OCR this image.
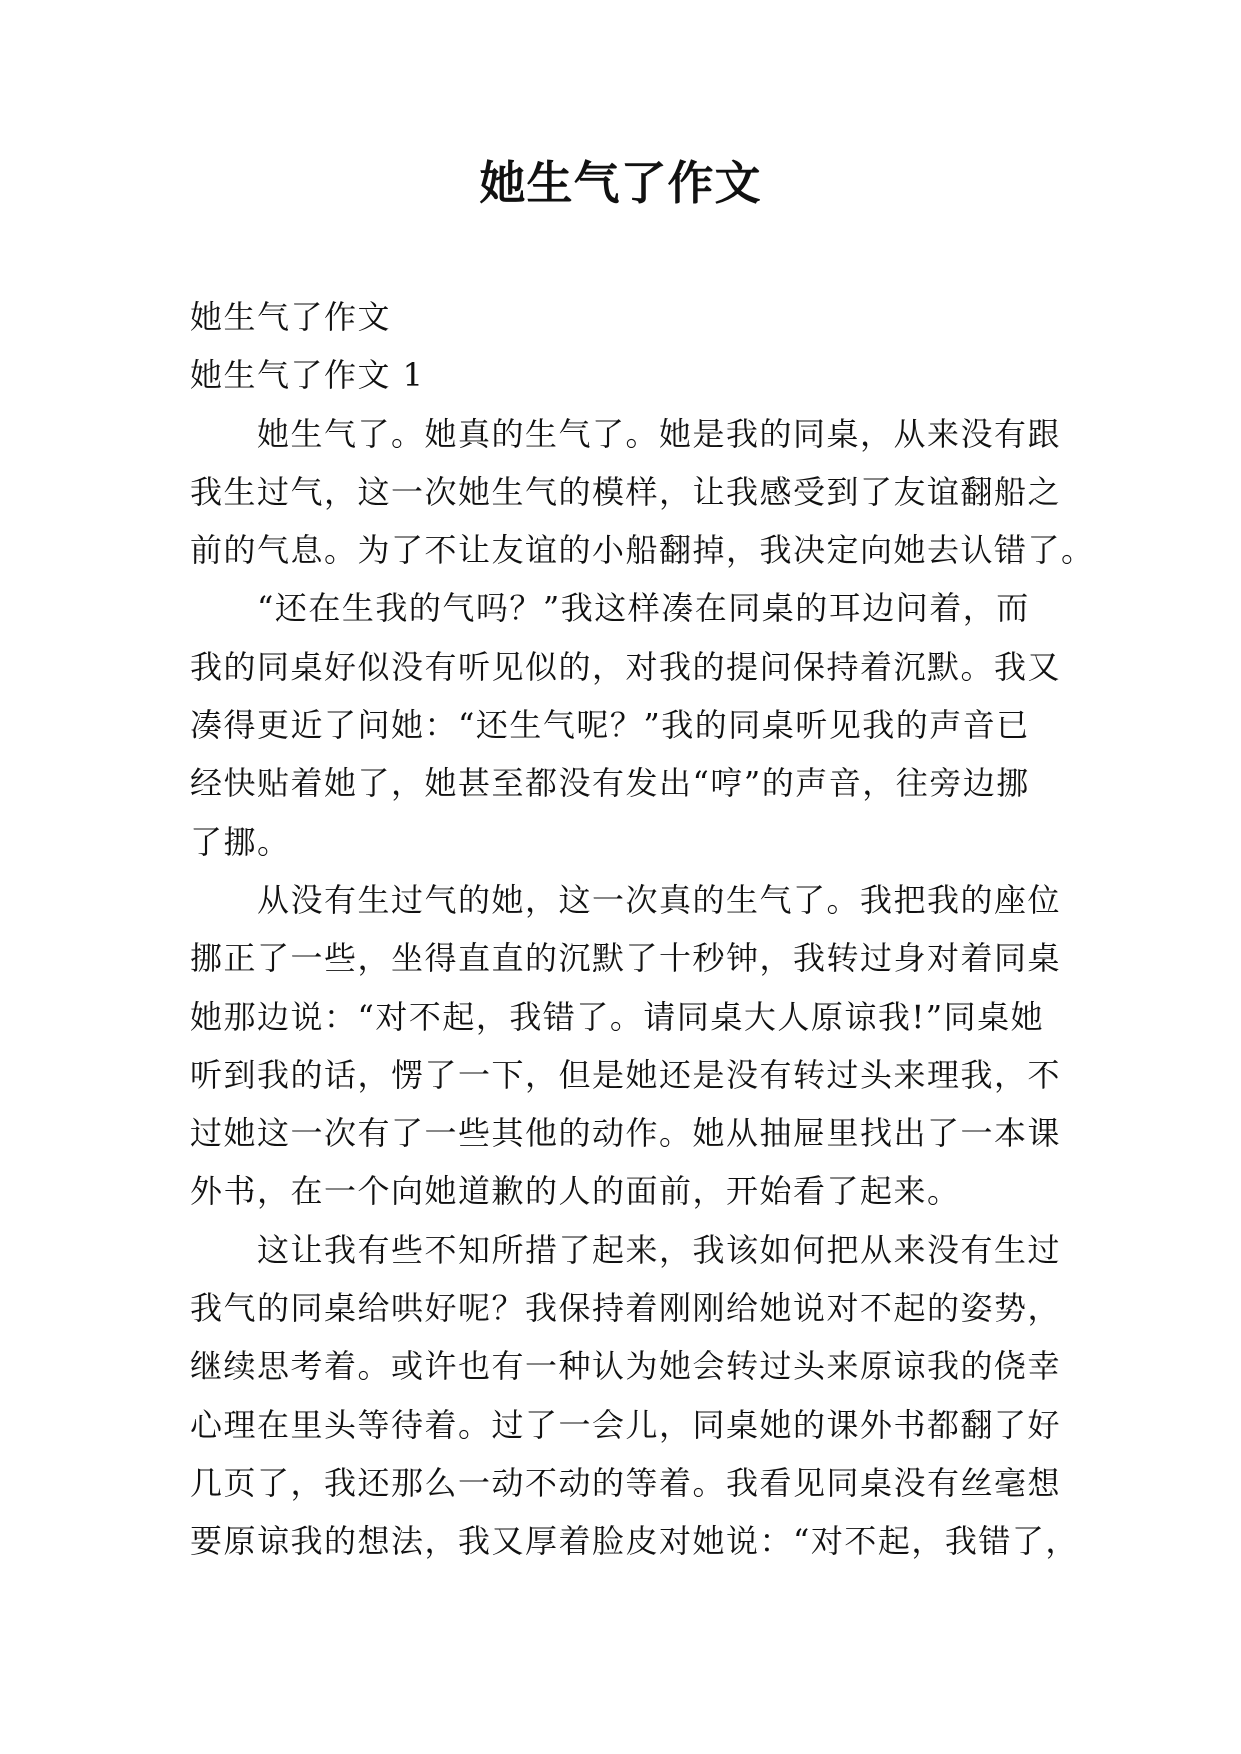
她生气了作文
她生气了作文
她生气了作文 1
　　她生气了。她真的生气了。她是我的同桌，从来没有跟
我生过气，这一次她生气的模样，让我感受到了友谊翻船之
前的气息。为了不让友谊的小船翻掉，我决定向她去认错了。
　　“还在生我的气吗？”我这样凑在同桌的耳边问着，而
我的同桌好似没有听见似的，对我的提问保持着沉默。我又
凑得更近了问她：“还生气呢？”我的同桌听见我的声音已
经快贴着她了，她甚至都没有发出“哼”的声音，往旁边挪
了挪。
　　从没有生过气的她，这一次真的生气了。我把我的座位
挪正了一些，坐得直直的沉默了十秒钟，我转过身对着同桌
她那边说：“对不起，我错了。请同桌大人原谅我!”同桌她
听到我的话，愣了一下，但是她还是没有转过头来理我，不
过她这一次有了一些其他的动作。她从抽屉里找出了一本课
外书，在一个向她道歉的人的面前，开始看了起来。
　　这让我有些不知所措了起来，我该如何把从来没有生过
我气的同桌给哄好呢？我保持着刚刚给她说对不起的姿势，
继续思考着。或许也有一种认为她会转过头来原谅我的侥幸
心理在里头等待着。过了一会儿，同桌她的课外书都翻了好
几页了，我还那么一动不动的等着。我看见同桌没有丝毫想
要原谅我的想法，我又厚着脸皮对她说：“对不起，我错了，
